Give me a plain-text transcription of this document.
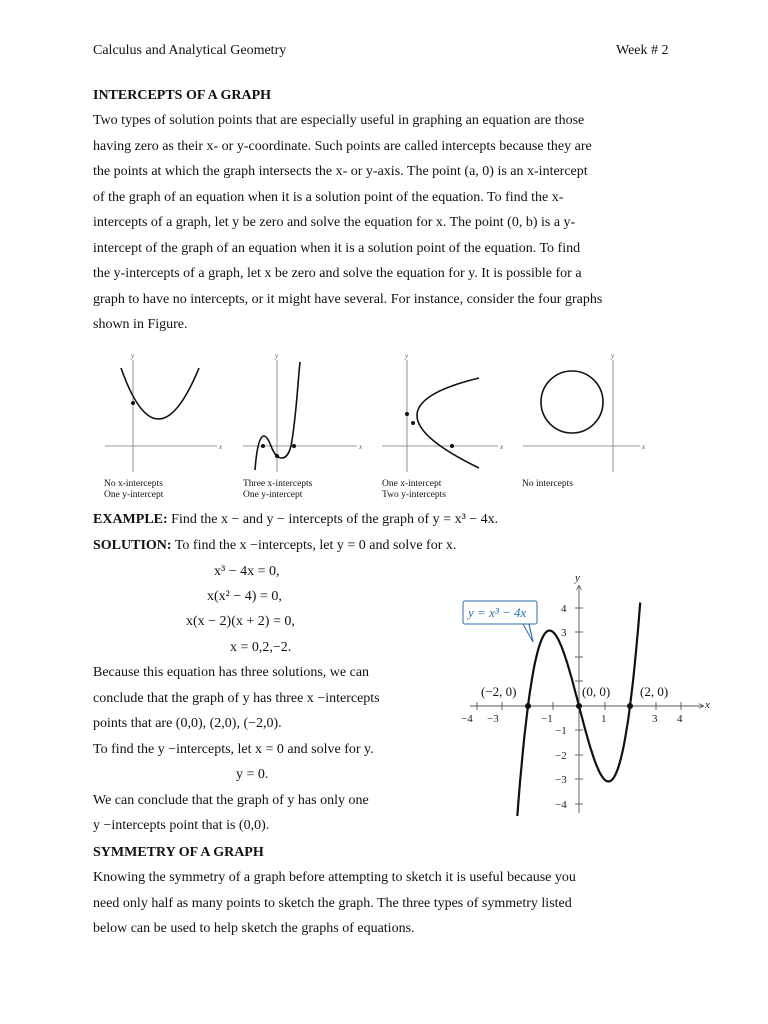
Calculus and Analytical Geometry	Week # 2
INTERCEPTS OF A GRAPH
Two types of solution points that are especially useful in graphing an equation are those
having zero as their x- or y-coordinate. Such points are called intercepts because they are
the points at which the graph intersects the x- or y-axis. The point (a, 0) is an x-intercept
of the graph of an equation when it is a solution point of the equation. To find the x-
intercepts of a graph, let y be zero and solve the equation for x. The point (0, b) is a y-
intercept of the graph of an equation when it is a solution point of the equation. To find
the y-intercepts of a graph, let x be zero and solve the equation for y. It is possible for a
graph to have no intercepts, or it might have several. For instance, consider the four graphs
shown in Figure.
x
y
x
y
x
y
x
y
No x-intercepts
One y-intercept
Three x-intercepts
One y-intercept
One x-intercept
Two y-intercepts
No intercepts
EXAMPLE: Find the x − and y − intercepts of the graph of y = x³ − 4x.
SOLUTION: To find the x −intercepts, let y = 0 and solve for x.
x³ − 4x = 0,
x(x² − 4) = 0,
x(x − 2)(x + 2) = 0,
x = 0,2,−2.
Because this equation has three solutions, we can
conclude that the graph of y has three x −intercepts
points that are (0,0), (2,0), (−2,0).
To find the y −intercepts, let x = 0 and solve for y.
y = 0.
We can conclude that the graph of y has only one
y −intercepts point that is (0,0).
−4 −3	−1	1	3 4
4
3
−1
−2
−3
−4
x
y
(−2, 0)	(0, 0) (2, 0)
y = x³ − 4x
SYMMETRY OF A GRAPH
Knowing the symmetry of a graph before attempting to sketch it is useful because you
need only half as many points to sketch the graph. The three types of symmetry listed
below can be used to help sketch the graphs of equations.
